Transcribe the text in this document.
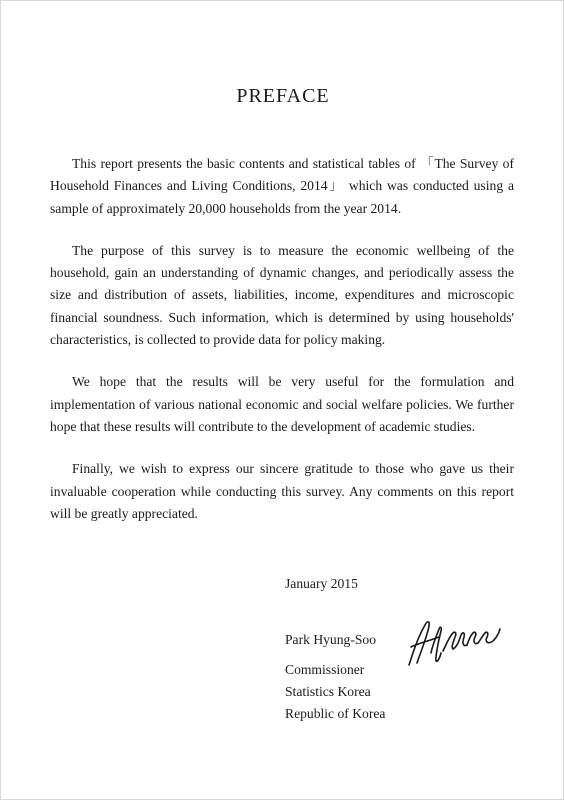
PREFACE

This report presents the basic contents and statistical tables of 「The Survey of Household Finances and Living Conditions, 2014」 which was conducted using a sample of approximately 20,000 households from the year 2014.

The purpose of this survey is to measure the economic wellbeing of the household, gain an understanding of dynamic changes, and periodically assess the size and distribution of assets, liabilities, income, expenditures and microscopic financial soundness. Such information, which is determined by using households' characteristics, is collected to provide data for policy making.

We hope that the results will be very useful for the formulation and implementation of various national economic and social welfare policies. We further hope that these results will contribute to the development of academic studies.

Finally, we wish to express our sincere gratitude to those who gave us their invaluable cooperation while conducting this survey. Any comments on this report will be greatly appreciated.

January 2015
Park Hyung-Soo
Commissioner
Statistics Korea
Republic of Korea
